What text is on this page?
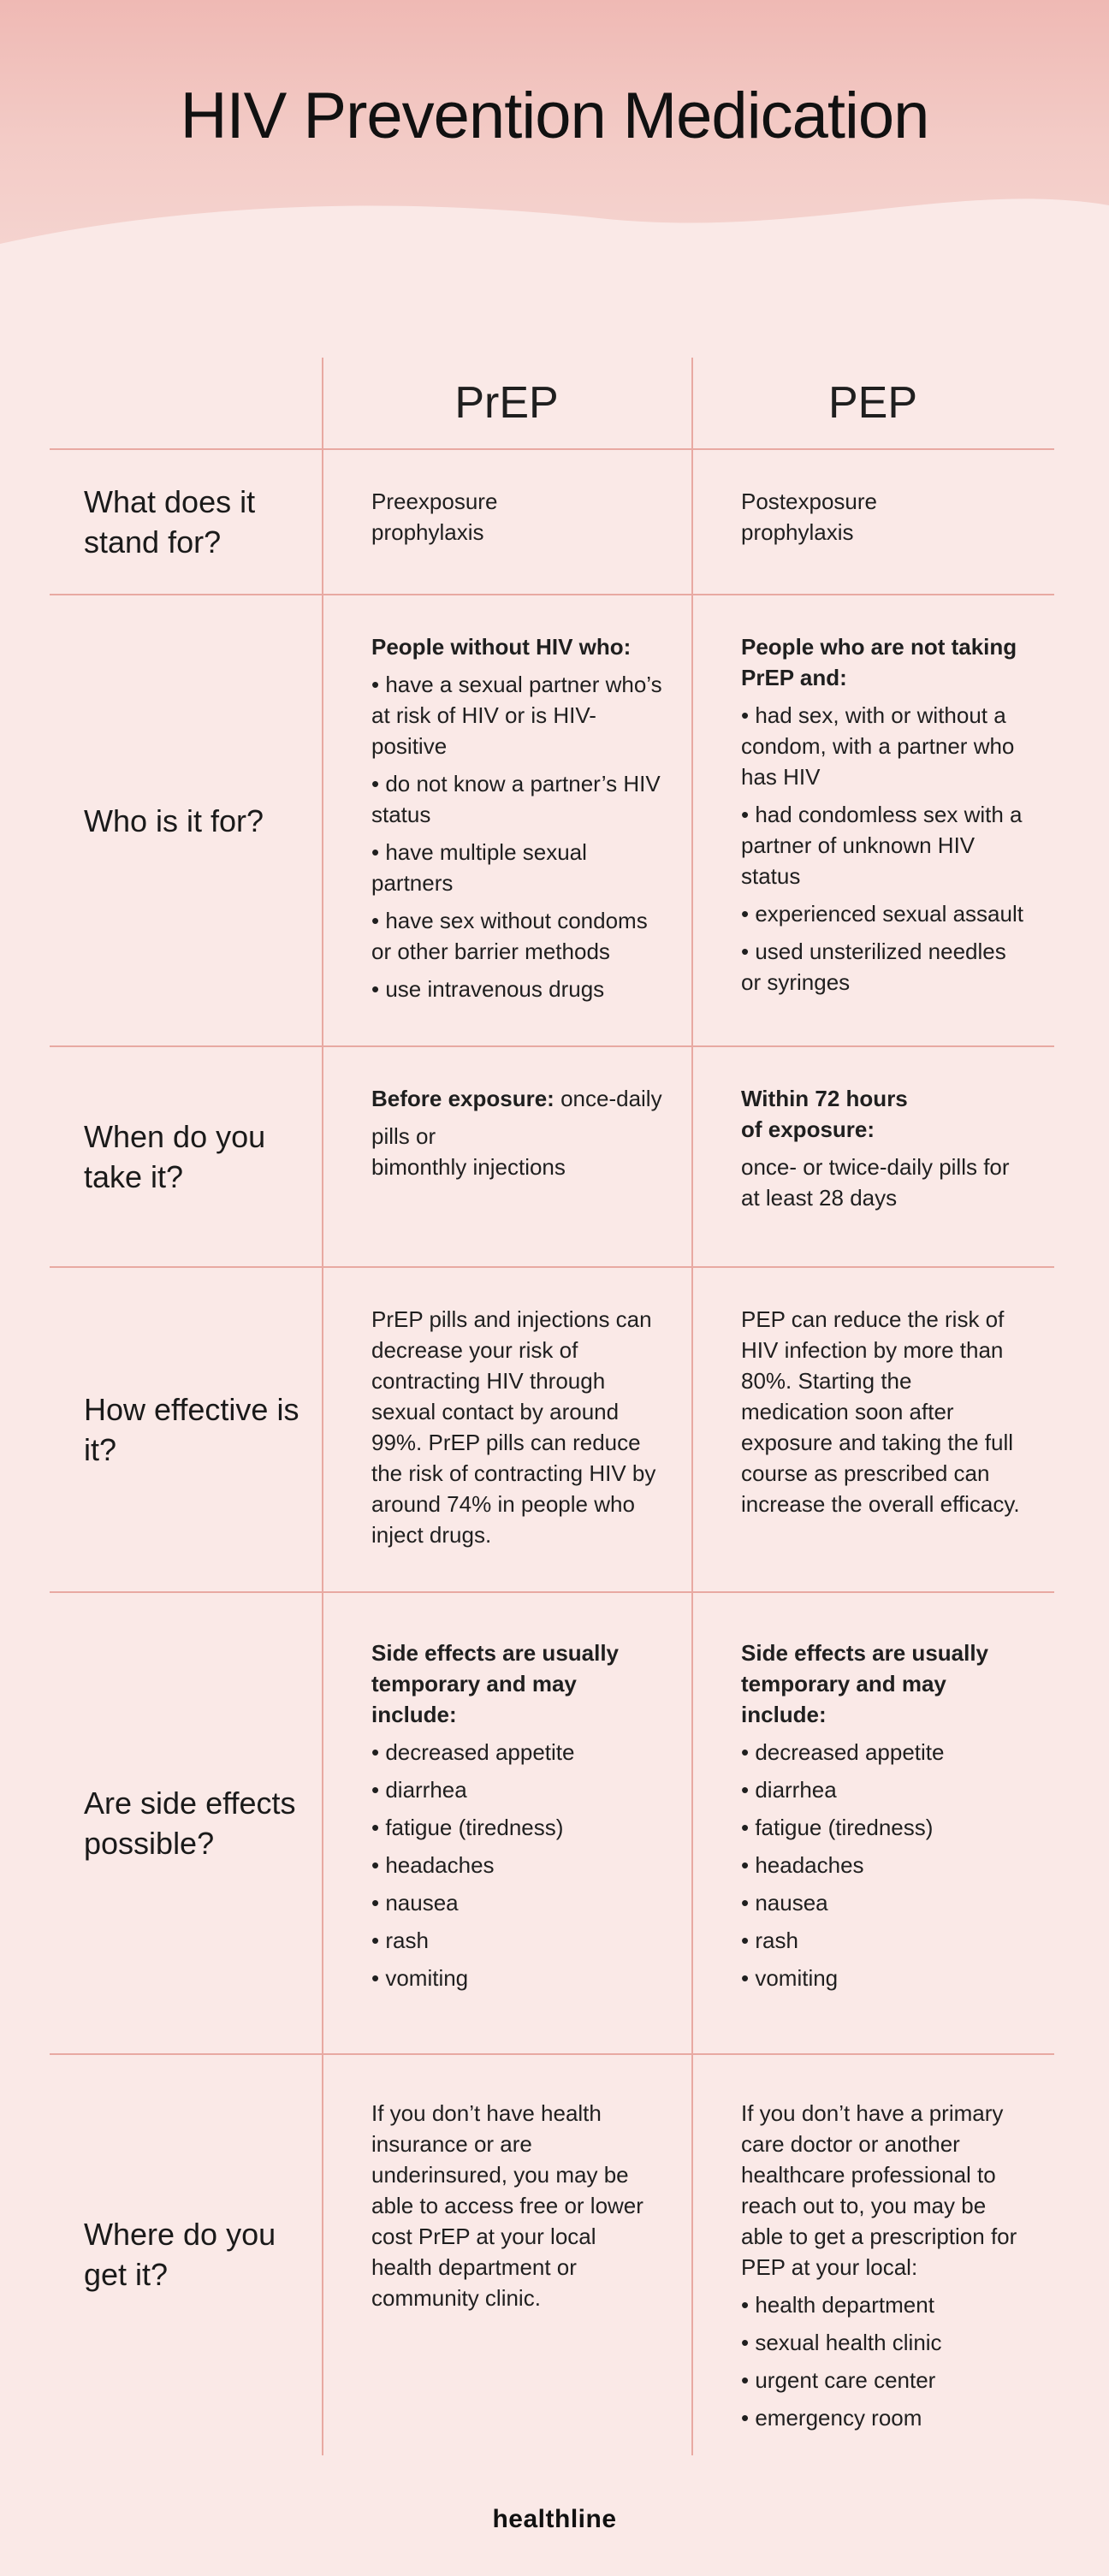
HIV Prevention Medication
PrEP	PEP
What does it stand for?
Preexposure
prophylaxis
Postexposure
prophylaxis
Who is it for?
People without HIV who:
• have a sexual partner who’s at risk of HIV or is HIV-positive
• do not know a partner’s HIV status
• have multiple sexual partners
• have sex without condoms or other barrier methods
• use intravenous drugs
People who are not taking PrEP and:
• had sex, with or without a condom, with a partner who has HIV
• had condomless sex with a partner of unknown HIV status
• experienced sexual assault
• used unsterilized needles or syringes
When do you take it?
Before exposure: once-daily
pills or
bimonthly injections
Within 72 hours
of exposure:
once- or twice-daily pills for at least 28 days
How effective is it?
PrEP pills and injections can decrease your risk of contracting HIV through sexual contact by around 99%. PrEP pills can reduce the risk of contracting HIV by around 74% in people who inject drugs.
PEP can reduce the risk of HIV infection by more than 80%. Starting the medication soon after exposure and taking the full course as prescribed can increase the overall efficacy.
Are side effects possible?
Side effects are usually temporary and may include:
• decreased appetite
• diarrhea
• fatigue (tiredness)
• headaches
• nausea
• rash
• vomiting
Side effects are usually temporary and may include:
• decreased appetite
• diarrhea
• fatigue (tiredness)
• headaches
• nausea
• rash
• vomiting
Where do you get it?
If you don’t have health insurance or are underinsured, you may be able to access free or lower cost PrEP at your local health department or community clinic.
If you don’t have a primary care doctor or another healthcare professional to reach out to, you may be able to get a prescription for PEP at your local:
• health department
• sexual health clinic
• urgent care center
• emergency room
healthline
